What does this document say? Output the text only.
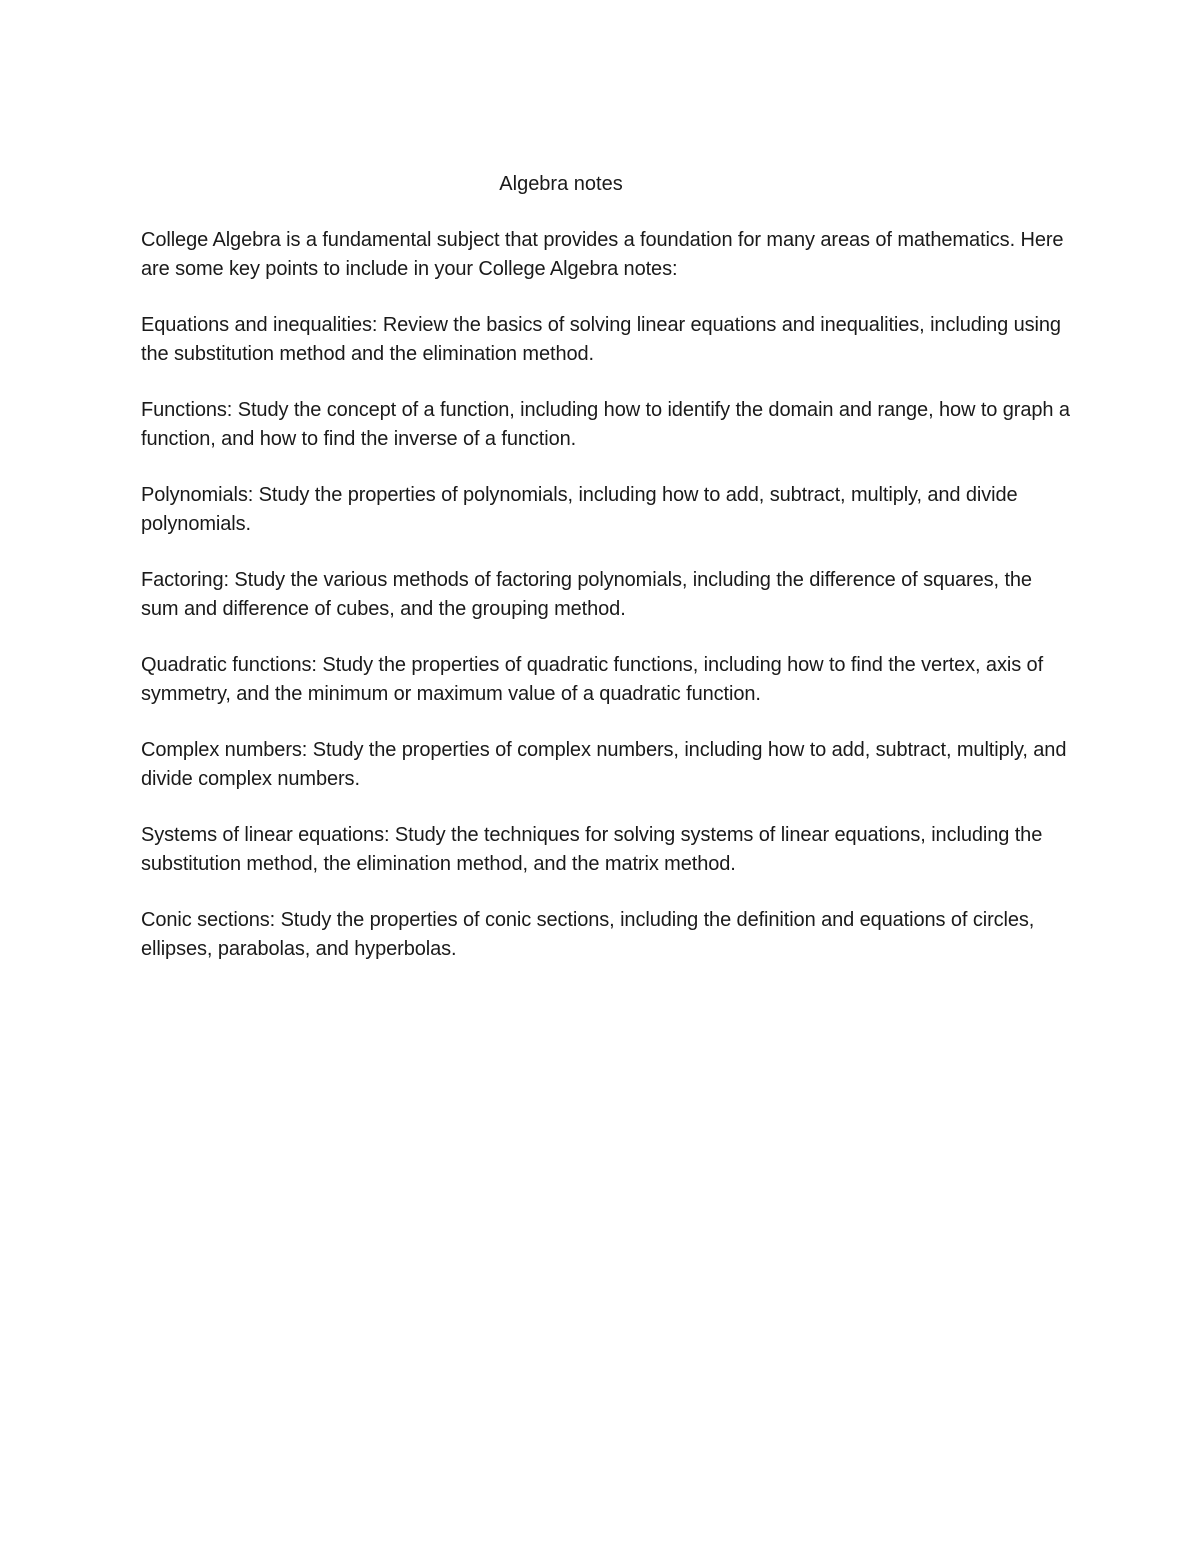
Algebra notes

College Algebra is a fundamental subject that provides a foundation for many areas of mathematics. Here are some key points to include in your College Algebra notes:

Equations and inequalities: Review the basics of solving linear equations and inequalities, including using the substitution method and the elimination method.

Functions: Study the concept of a function, including how to identify the domain and range, how to graph a function, and how to find the inverse of a function.

Polynomials: Study the properties of polynomials, including how to add, subtract, multiply, and divide polynomials.

Factoring: Study the various methods of factoring polynomials, including the difference of squares, the sum and difference of cubes, and the grouping method.

Quadratic functions: Study the properties of quadratic functions, including how to find the vertex, axis of symmetry, and the minimum or maximum value of a quadratic function.

Complex numbers: Study the properties of complex numbers, including how to add, subtract, multiply, and divide complex numbers.

Systems of linear equations: Study the techniques for solving systems of linear equations, including the substitution method, the elimination method, and the matrix method.

Conic sections: Study the properties of conic sections, including the definition and equations of circles, ellipses, parabolas, and hyperbolas.
